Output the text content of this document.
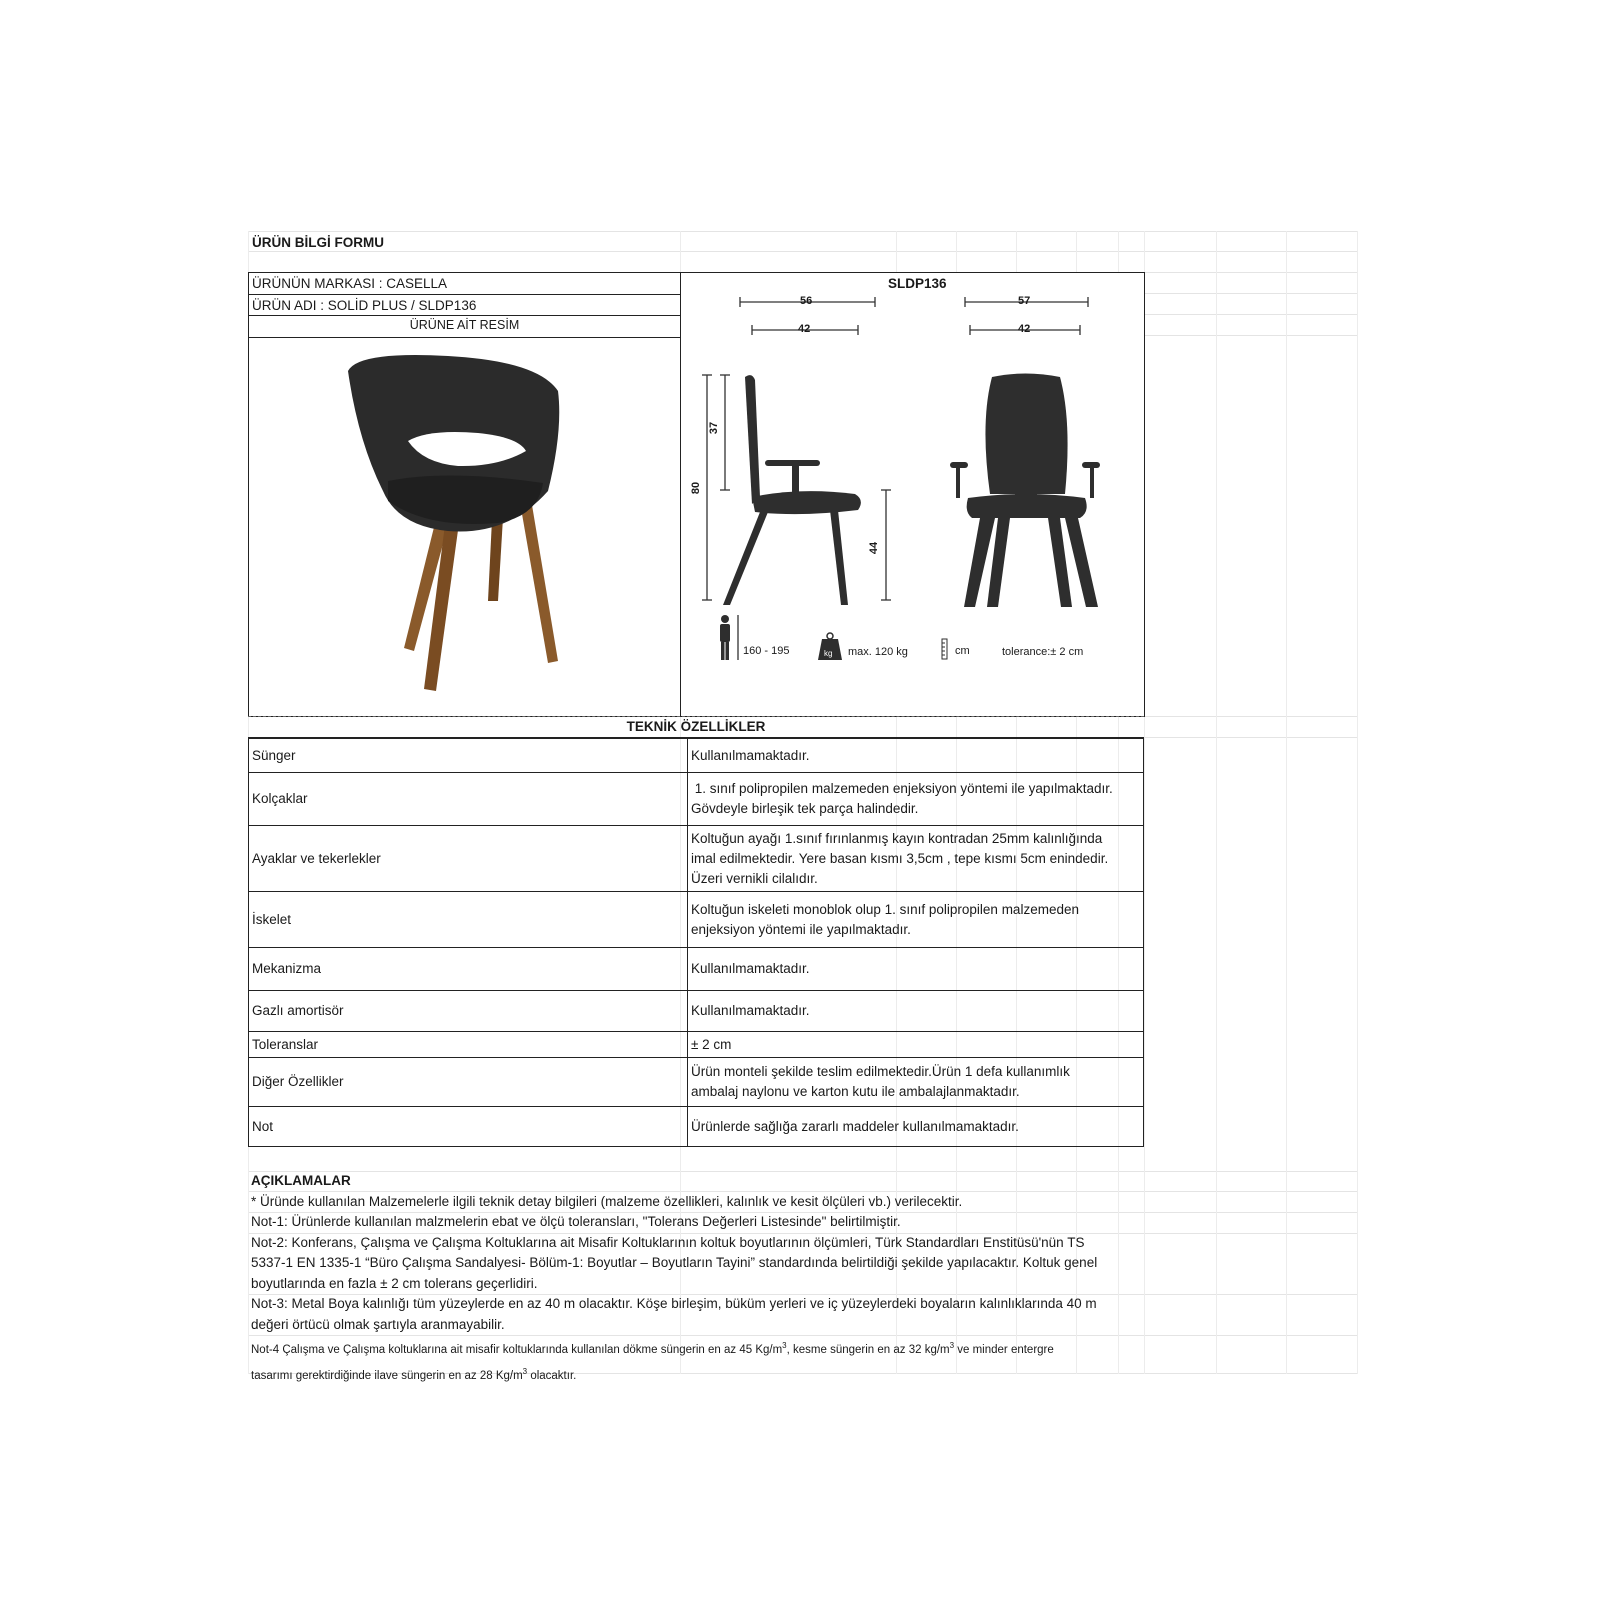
ÜRÜN BİLGİ FORMU
ÜRÜNÜN MARKASI : CASELLA
ÜRÜN ADI : SOLİD PLUS / SLDP136
ÜRÜNE AİT RESİM
SLDP136
56
42
57
42
37
80
44
160 - 195	kg max. 120 kg	cm	tolerance:± 2 cm
TEKNİK ÖZELLİKLER
Sünger	Kullanılmamaktadır.

Kolçaklar	1. sınıf polipropilen malzemeden enjeksiyon yöntemi ile yapılmaktadır.
Gövdeyle birleşik tek parça halindedir.

Ayaklar ve tekerlekler	Koltuğun ayağı 1.sınıf fırınlanmış kayın kontradan 25mm kalınlığında
imal edilmektedir. Yere basan kısmı 3,5cm , tepe kısmı 5cm enindedir.
Üzeri vernikli cilalıdır.

İskelet	Koltuğun iskeleti monoblok olup 1. sınıf polipropilen malzemeden
enjeksiyon yöntemi ile yapılmaktadır.

Mekanizma	Kullanılmamaktadır.

Gazlı amortisör	Kullanılmamaktadır.

Toleranslar	± 2 cm

Diğer Özellikler	Ürün monteli şekilde teslim edilmektedir.Ürün 1 defa kullanımlık
ambalaj naylonu ve karton kutu ile ambalajlanmaktadır.

Not	Ürünlerde sağlığa zararlı maddeler kullanılmamaktadır.
AÇIKLAMALAR
* Üründe kullanılan Malzemelerle ilgili teknik detay bilgileri (malzeme özellikleri, kalınlık ve kesit ölçüleri vb.) verilecektir.
Not-1: Ürünlerde kullanılan malzmelerin ebat ve ölçü toleransları, "Tolerans Değerleri Listesinde" belirtilmiştir.
Not-2: Konferans, Çalışma ve Çalışma Koltuklarına ait Misafir Koltuklarının koltuk boyutlarının ölçümleri, Türk Standardları Enstitüsü'nün TS
5337-1 EN 1335-1 “Büro Çalışma Sandalyesi- Bölüm-1: Boyutlar – Boyutların Tayini” standardında belirtildiği şekilde yapılacaktır. Koltuk genel
boyutlarında en fazla ± 2 cm tolerans geçerlidiri.
Not-3: Metal Boya kalınlığı tüm yüzeylerde en az 40 m olacaktır. Köşe birleşim, büküm yerleri ve iç yüzeylerdeki boyaların kalınlıklarında 40 m
değeri örtücü olmak şartıyla aranmayabilir.
Not-4 Çalışma ve Çalışma koltuklarına ait misafir koltuklarında kullanılan dökme süngerin en az 45 $Kg/m^3$, kesme süngerin en az 32 $kg/m^3$ ve minder entergre
tasarımı gerektirdiğinde ilave süngerin en az 28 $Kg/m^3$ olacaktır.
